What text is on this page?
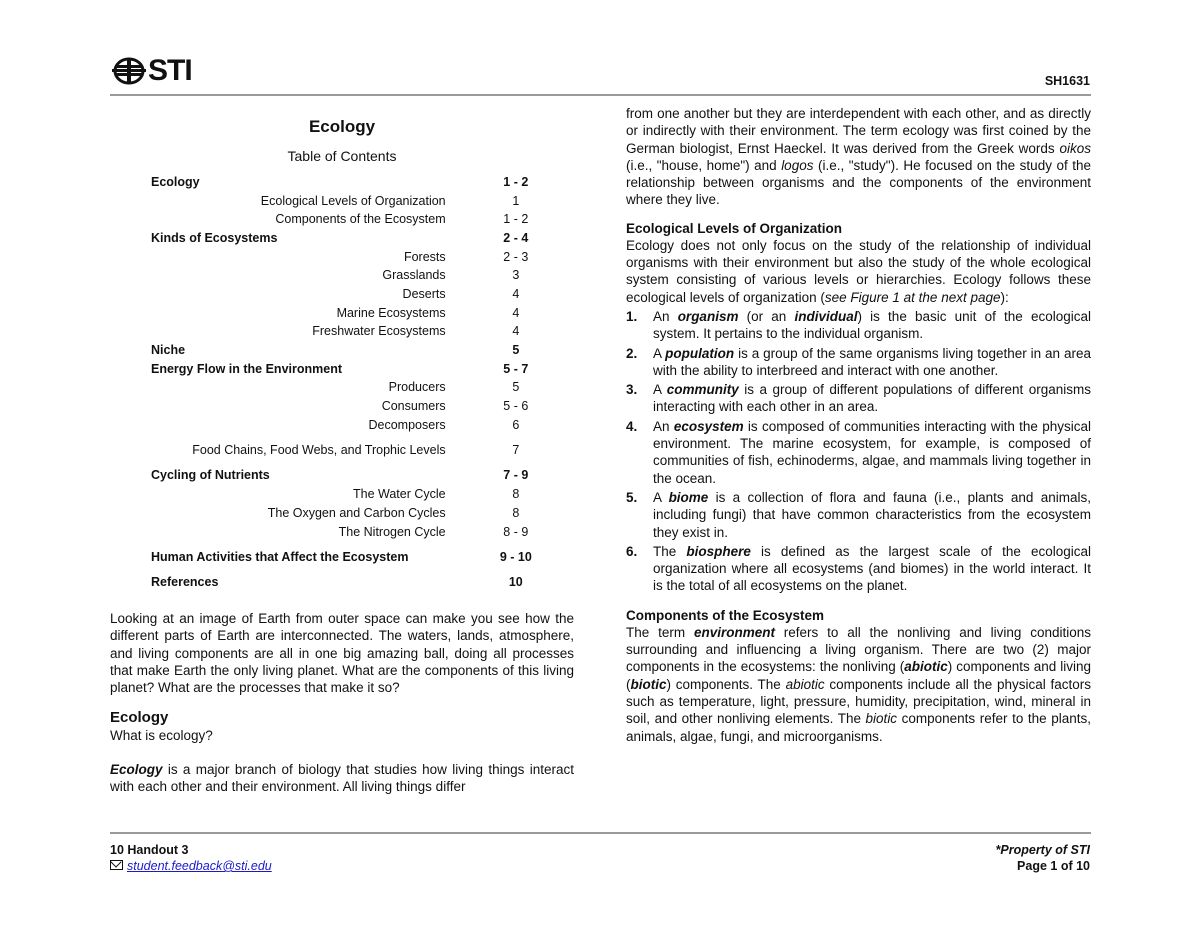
STI	SH1631
Ecology
Table of Contents
Ecology	1 - 2
Ecological Levels of Organization	1
Components of the Ecosystem	1 - 2
Kinds of Ecosystems	2 - 4
Forests	2 - 3
Grasslands	3
Deserts	4
Marine Ecosystems	4
Freshwater Ecosystems	4
Niche	5
Energy Flow in the Environment	5 - 7
Producers	5
Consumers	5 - 6
Decomposers	6
Food Chains, Food Webs, and Trophic Levels	7
Cycling of Nutrients	7 - 9
The Water Cycle	8
The Oxygen and Carbon Cycles	8
The Nitrogen Cycle	8 - 9
Human Activities that Affect the Ecosystem	9 - 10
References	10
Looking at an image of Earth from outer space can make you see how the different parts of Earth are interconnected. The waters, lands, atmosphere, and living components are all in one big amazing ball, doing all processes that make Earth the only living planet. What are the components of this living planet? What are the processes that make it so?
Ecology
What is ecology?
Ecology is a major branch of biology that studies how living things interact with each other and their environment. All living things differ
from one another but they are interdependent with each other, and as directly or indirectly with their environment. The term ecology was first coined by the German biologist, Ernst Haeckel. It was derived from the Greek words oikos (i.e., "house, home") and logos (i.e., "study"). He focused on the study of the relationship between organisms and the components of the environment where they live.
Ecological Levels of Organization
Ecology does not only focus on the study of the relationship of individual organisms with their environment but also the study of the whole ecological system consisting of various levels or hierarchies. Ecology follows these ecological levels of organization (see Figure 1 at the next page):
1.	An organism (or an individual) is the basic unit of the ecological system. It pertains to the individual organism.
2.	A population is a group of the same organisms living together in an area with the ability to interbreed and interact with one another.
3.	A community is a group of different populations of different organisms interacting with each other in an area.
4.	An ecosystem is composed of communities interacting with the physical environment. The marine ecosystem, for example, is composed of communities of fish, echinoderms, algae, and mammals living together in the ocean.
5.	A biome is a collection of flora and fauna (i.e., plants and animals, including fungi) that have common characteristics from the ecosystem they exist in.
6.	The biosphere is defined as the largest scale of the ecological organization where all ecosystems (and biomes) in the world interact. It is the total of all ecosystems on the planet.
Components of the Ecosystem
The term environment refers to all the nonliving and living conditions surrounding and influencing a living organism. There are two (2) major components in the ecosystems: the nonliving (abiotic) components and living (biotic) components. The abiotic components include all the physical factors such as temperature, light, pressure, humidity, precipitation, wind, mineral in soil, and other nonliving elements. The biotic components refer to the plants, animals, algae, fungi, and microorganisms.
10 Handout 3
student.feedback@sti.edu
*Property of STI
Page 1 of 10
